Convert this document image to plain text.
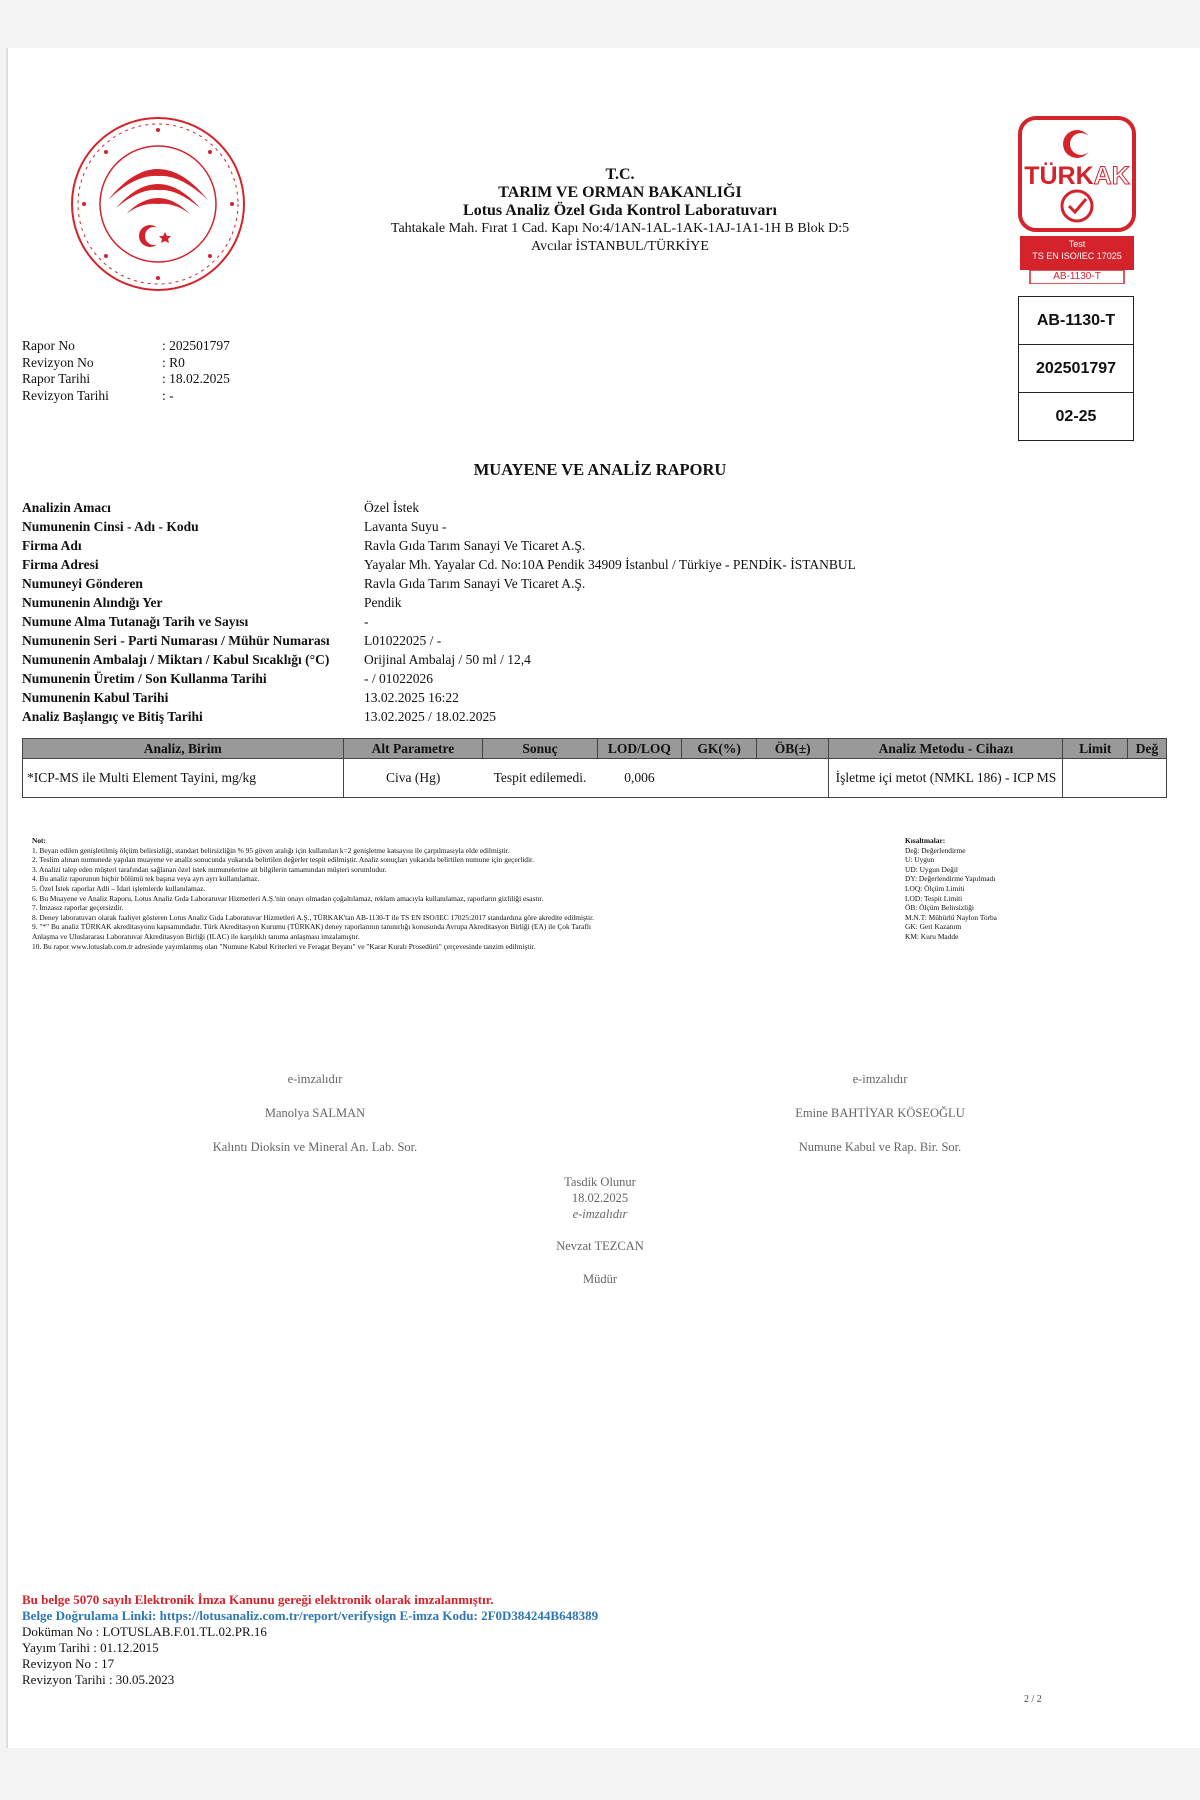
T.C.
TARIM VE ORMAN BAKANLIĞI
Lotus Analiz Özel Gıda Kontrol Laboratuvarı
Tahtakale Mah. Fırat 1 Cad. Kapı No:4/1AN-1AL-1AK-1AJ-1A1-1H B Blok D:5
Avcılar İSTANBUL/TÜRKİYE
TÜRKAK
Test
TS EN ISO/IEC 17025
AB-1130-T
AB-1130-T
202501797
02-25
Rapor No	: 202501797
Revizyon No	: R0
Rapor Tarihi	: 18.02.2025
Revizyon Tarihi	: -
MUAYENE VE ANALİZ RAPORU
Analizin Amacı	Özel İstek
Numunenin Cinsi - Adı - Kodu	Lavanta Suyu -
Firma Adı	Ravla Gıda Tarım Sanayi Ve Ticaret A.Ş.
Firma Adresi	Yayalar Mh. Yayalar Cd. No:10A Pendik 34909 İstanbul / Türkiye - PENDİK- İSTANBUL
Numuneyi Gönderen	Ravla Gıda Tarım Sanayi Ve Ticaret A.Ş.
Numunenin Alındığı Yer	Pendik
Numune Alma Tutanağı Tarih ve Sayısı	-
Numunenin Seri - Parti Numarası / Mühür Numarası	L01022025 / -
Numunenin Ambalajı / Miktarı / Kabul Sıcaklığı (°C)	Orijinal Ambalaj / 50 ml / 12,4
Numunenin Üretim / Son Kullanma Tarihi	- / 01022026
Numunenin Kabul Tarihi	13.02.2025 16:22
Analiz Başlangıç ve Bitiş Tarihi	13.02.2025 / 18.02.2025
Analiz, Birim	Alt Parametre	Sonuç	LOD/LOQ	GK(%)	ÖB(±)	Analiz Metodu - Cihazı	Limit	Değ
*ICP-MS ile Multi Element Tayini, mg/kg	Civa (Hg)	Tespit edilemedi.	0,006			İşletme içi metot (NMKL 186) - ICP MS		
Not:
1. Beyan edilen genişletilmiş ölçüm belirsizliği, standart belirsizliğin % 95 güven aralığı için kullanılan k=2 genişletme katsayısı ile çarpılmasıyla elde edilmiştir.
2. Teslim alınan numunede yapılan muayene ve analiz sonucunda yukarıda belirtilen değerler tespit edilmiştir. Analiz sonuçları yukarıda belirtilen numune için geçerlidir.
3. Analizi talep eden müşteri tarafından sağlanan özel istek numunelerine ait bilgilerin tamamından müşteri sorumludur.
4. Bu analiz raporunun hiçbir bölümü tek başına veya ayrı ayrı kullanılamaz.
5. Özel İstek raporlar Adli – İdari işlemlerde kullanılamaz.
6. Bu Muayene ve Analiz Raporu, Lotus Analiz Gıda Laboratuvar Hizmetleri A.Ş.'nin onayı olmadan çoğaltılamaz, reklam amacıyla kullanılamaz, raporların gizliliği esastır.
7. İmzasız raporlar geçersizdir.
8. Deney laboratuvarı olarak faaliyet gösteren Lotus Analiz Gıda Laboratuvar Hizmetleri A.Ş., TÜRKAK'tan AB-1130-T ile TS EN ISO/IEC 17025:2017 standardına göre akredite edilmiştir.
9. "*" Bu analiz TÜRKAK akreditasyonu kapsamındadır. Türk Akreditasyon Kurumu (TÜRKAK) deney raporlarının tanınırlığı konusunda Avrupa Akreditasyon Birliği (EA) ile Çok Taraflı
Anlaşma ve Uluslararası Laboratuvar Akreditasyon Birliği (ILAC) ile karşılıklı tanıma anlaşması imzalamıştır.
10. Bu rapor www.lotuslab.com.tr adresinde yayımlanmış olan "Numune Kabul Kriterleri ve Feragat Beyanı" ve "Karar Kuralı Prosedürü" çerçevesinde tanzim edilmiştir.
Kısaltmalar:
Değ: Değerlendirme
U: Uygun
UD: Uygun Değil
DY: Değerlendirme Yapılmadı
LOQ: Ölçüm Limiti
LOD: Tespit Limiti
ÖB: Ölçüm Belirsizliği
M.N.T: Mühürlü Naylon Torba
GK: Geri Kazanım
KM: Kuru Madde
e-imzalıdır
Manolya SALMAN
Kalıntı Dioksin ve Mineral An. Lab. Sor.
e-imzalıdır
Emine BAHTİYAR KÖSEOĞLU
Numune Kabul ve Rap. Bir. Sor.
Tasdik Olunur
18.02.2025
e-imzalıdır
Nevzat TEZCAN
Müdür
Bu belge 5070 sayılı Elektronik İmza Kanunu gereği elektronik olarak imzalanmıştır.
Belge Doğrulama Linki: https://lotusanaliz.com.tr/report/verifysign E-imza Kodu: 2F0D384244B648389
Doküman No : LOTUSLAB.F.01.TL.02.PR.16
Yayım Tarihi : 01.12.2015
Revizyon No : 17
Revizyon Tarihi : 30.05.2023
2 / 2
